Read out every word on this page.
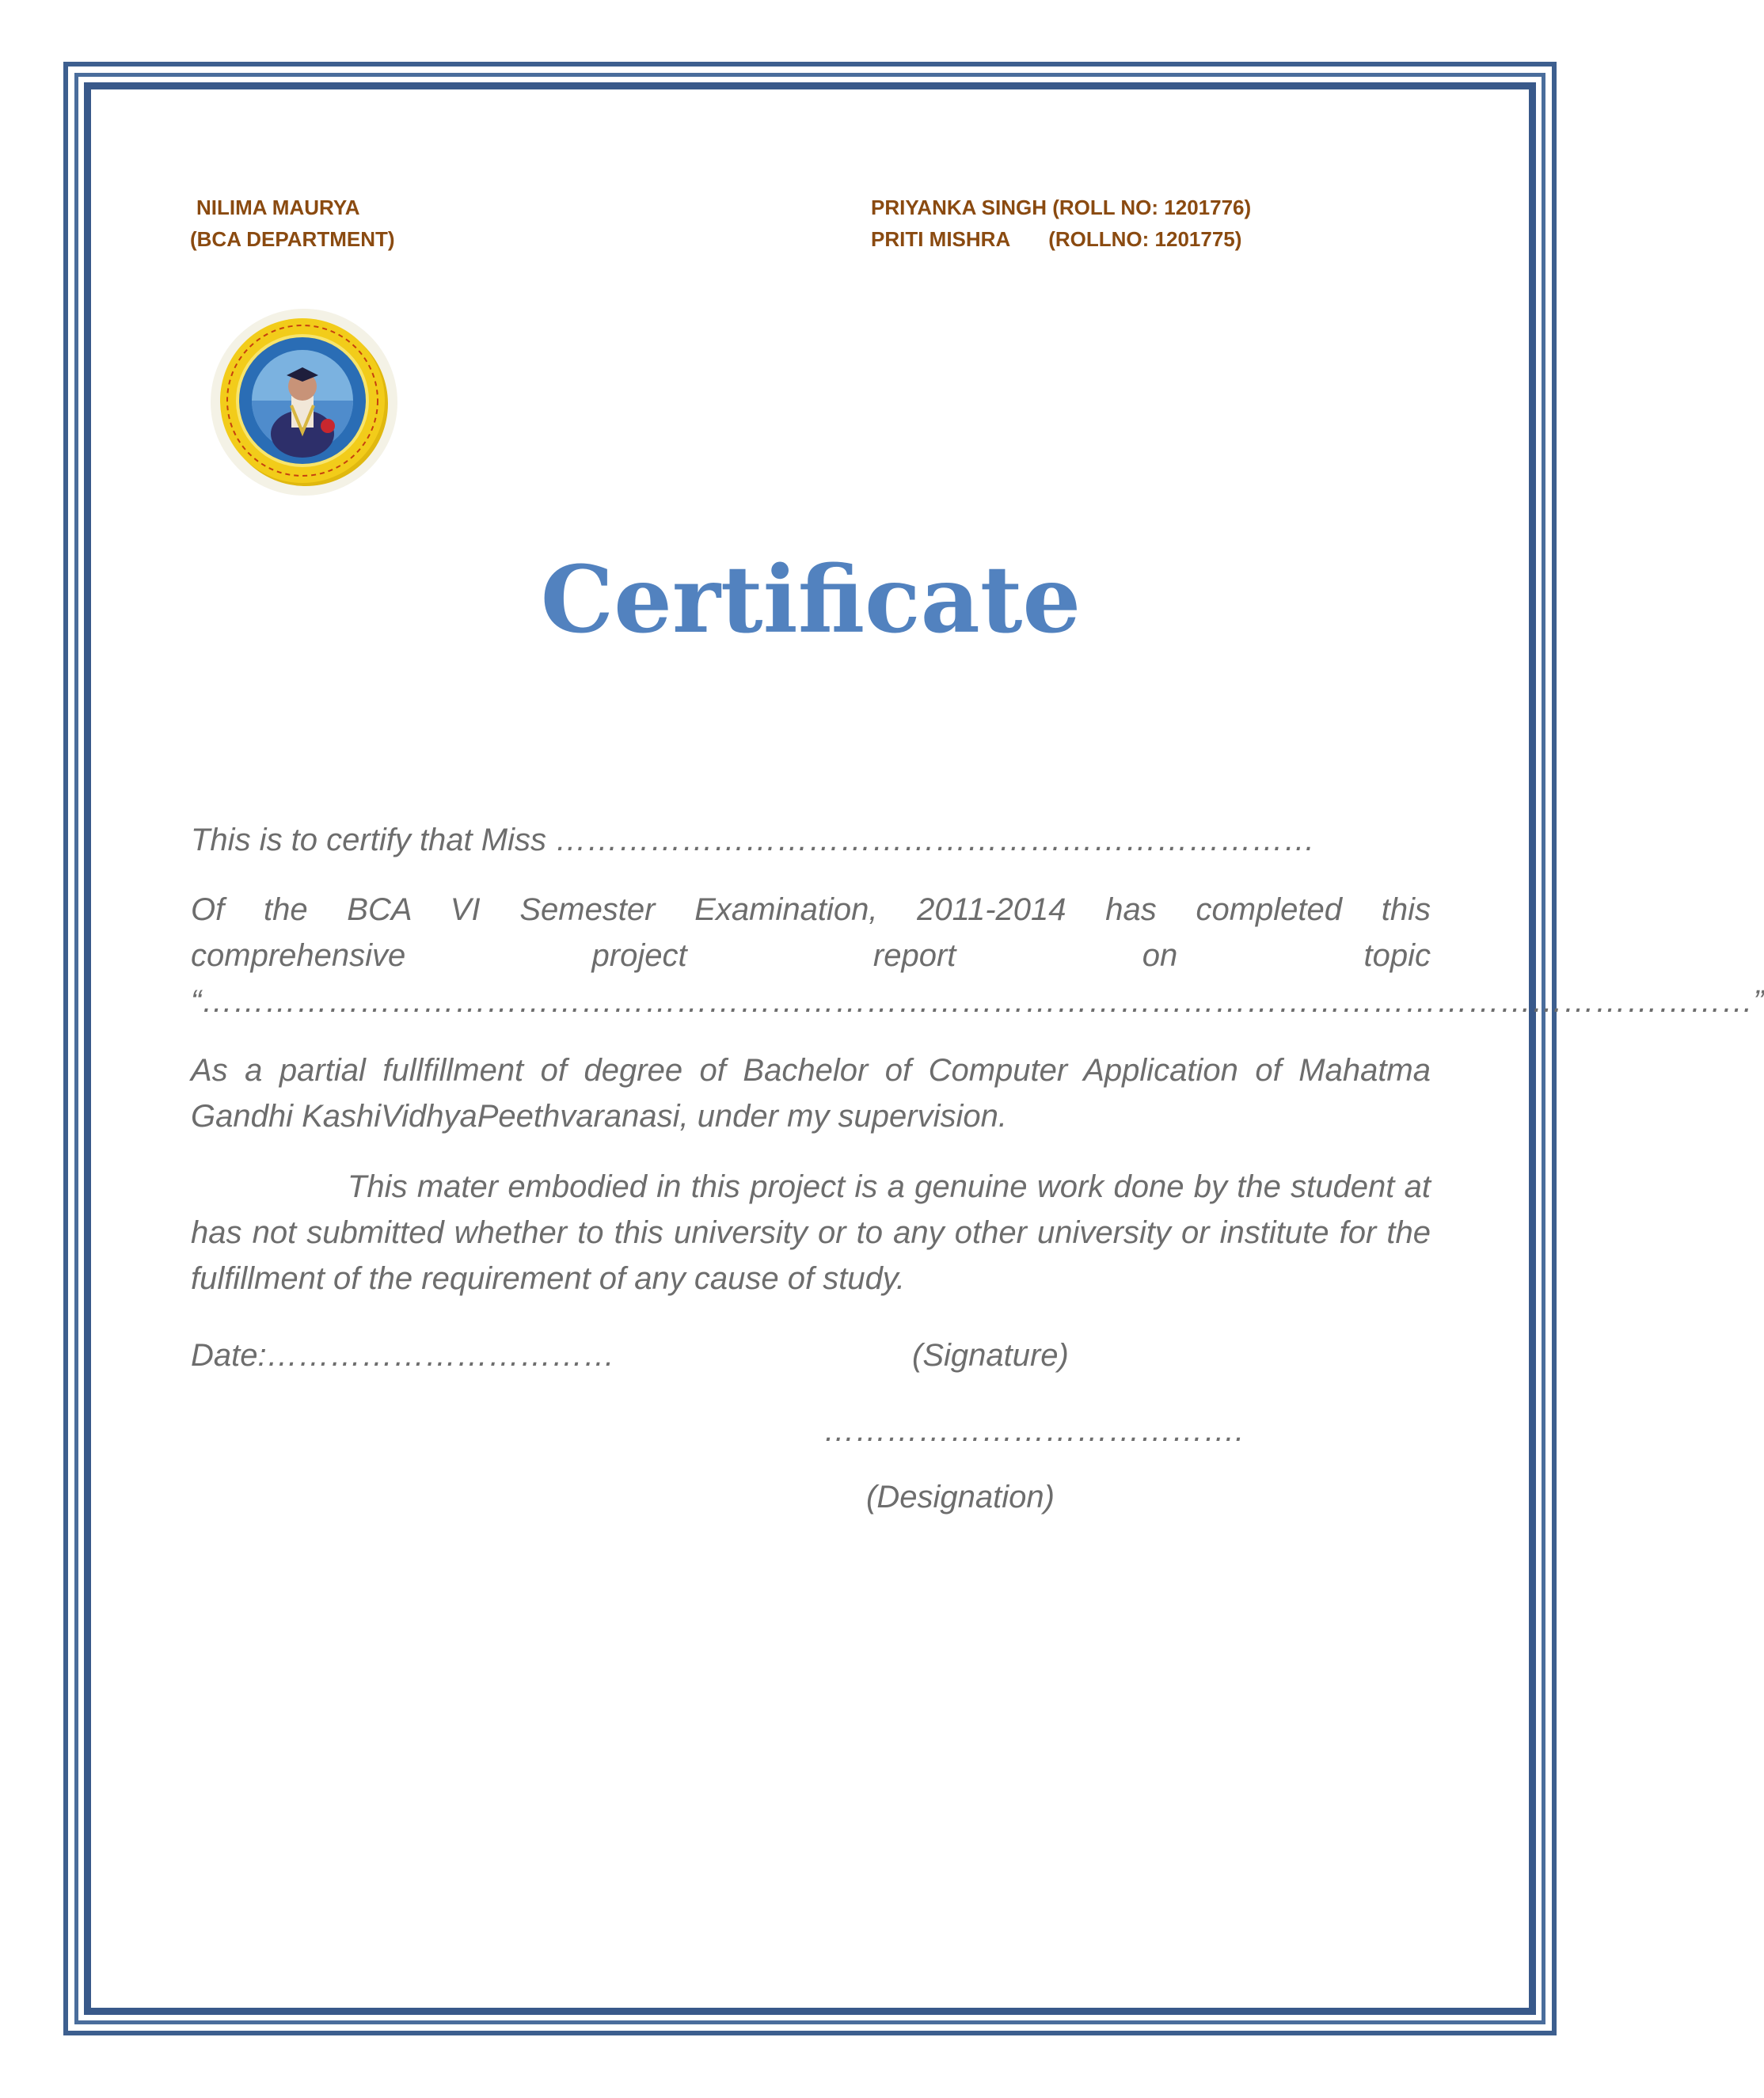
NILIMA MAURYA
(BCA DEPARTMENT)
PRIYANKA SINGH (ROLL NO: 1201776)
PRITI MISHRA (ROLLNO: 1201775)
Certificate
This is to certify that Miss ………………………………………………………………
Of the BCA VI Semester Examination, 2011-2014 has completed this
comprehensive project report on topic
“…………………………………………………………………………………………………………………………………”
As a partial fullfillment of degree of Bachelor of Computer Application of Mahatma Gandhi KashiVidhyaPeethvaranasi, under my supervision.
This mater embodied in this project is a genuine work done by the student at has not submitted whether to this university or to any other university or institute for the fulfillment of the requirement of any cause of study.
Date:……………………………	(Signature)
………………………………….
(Designation)
